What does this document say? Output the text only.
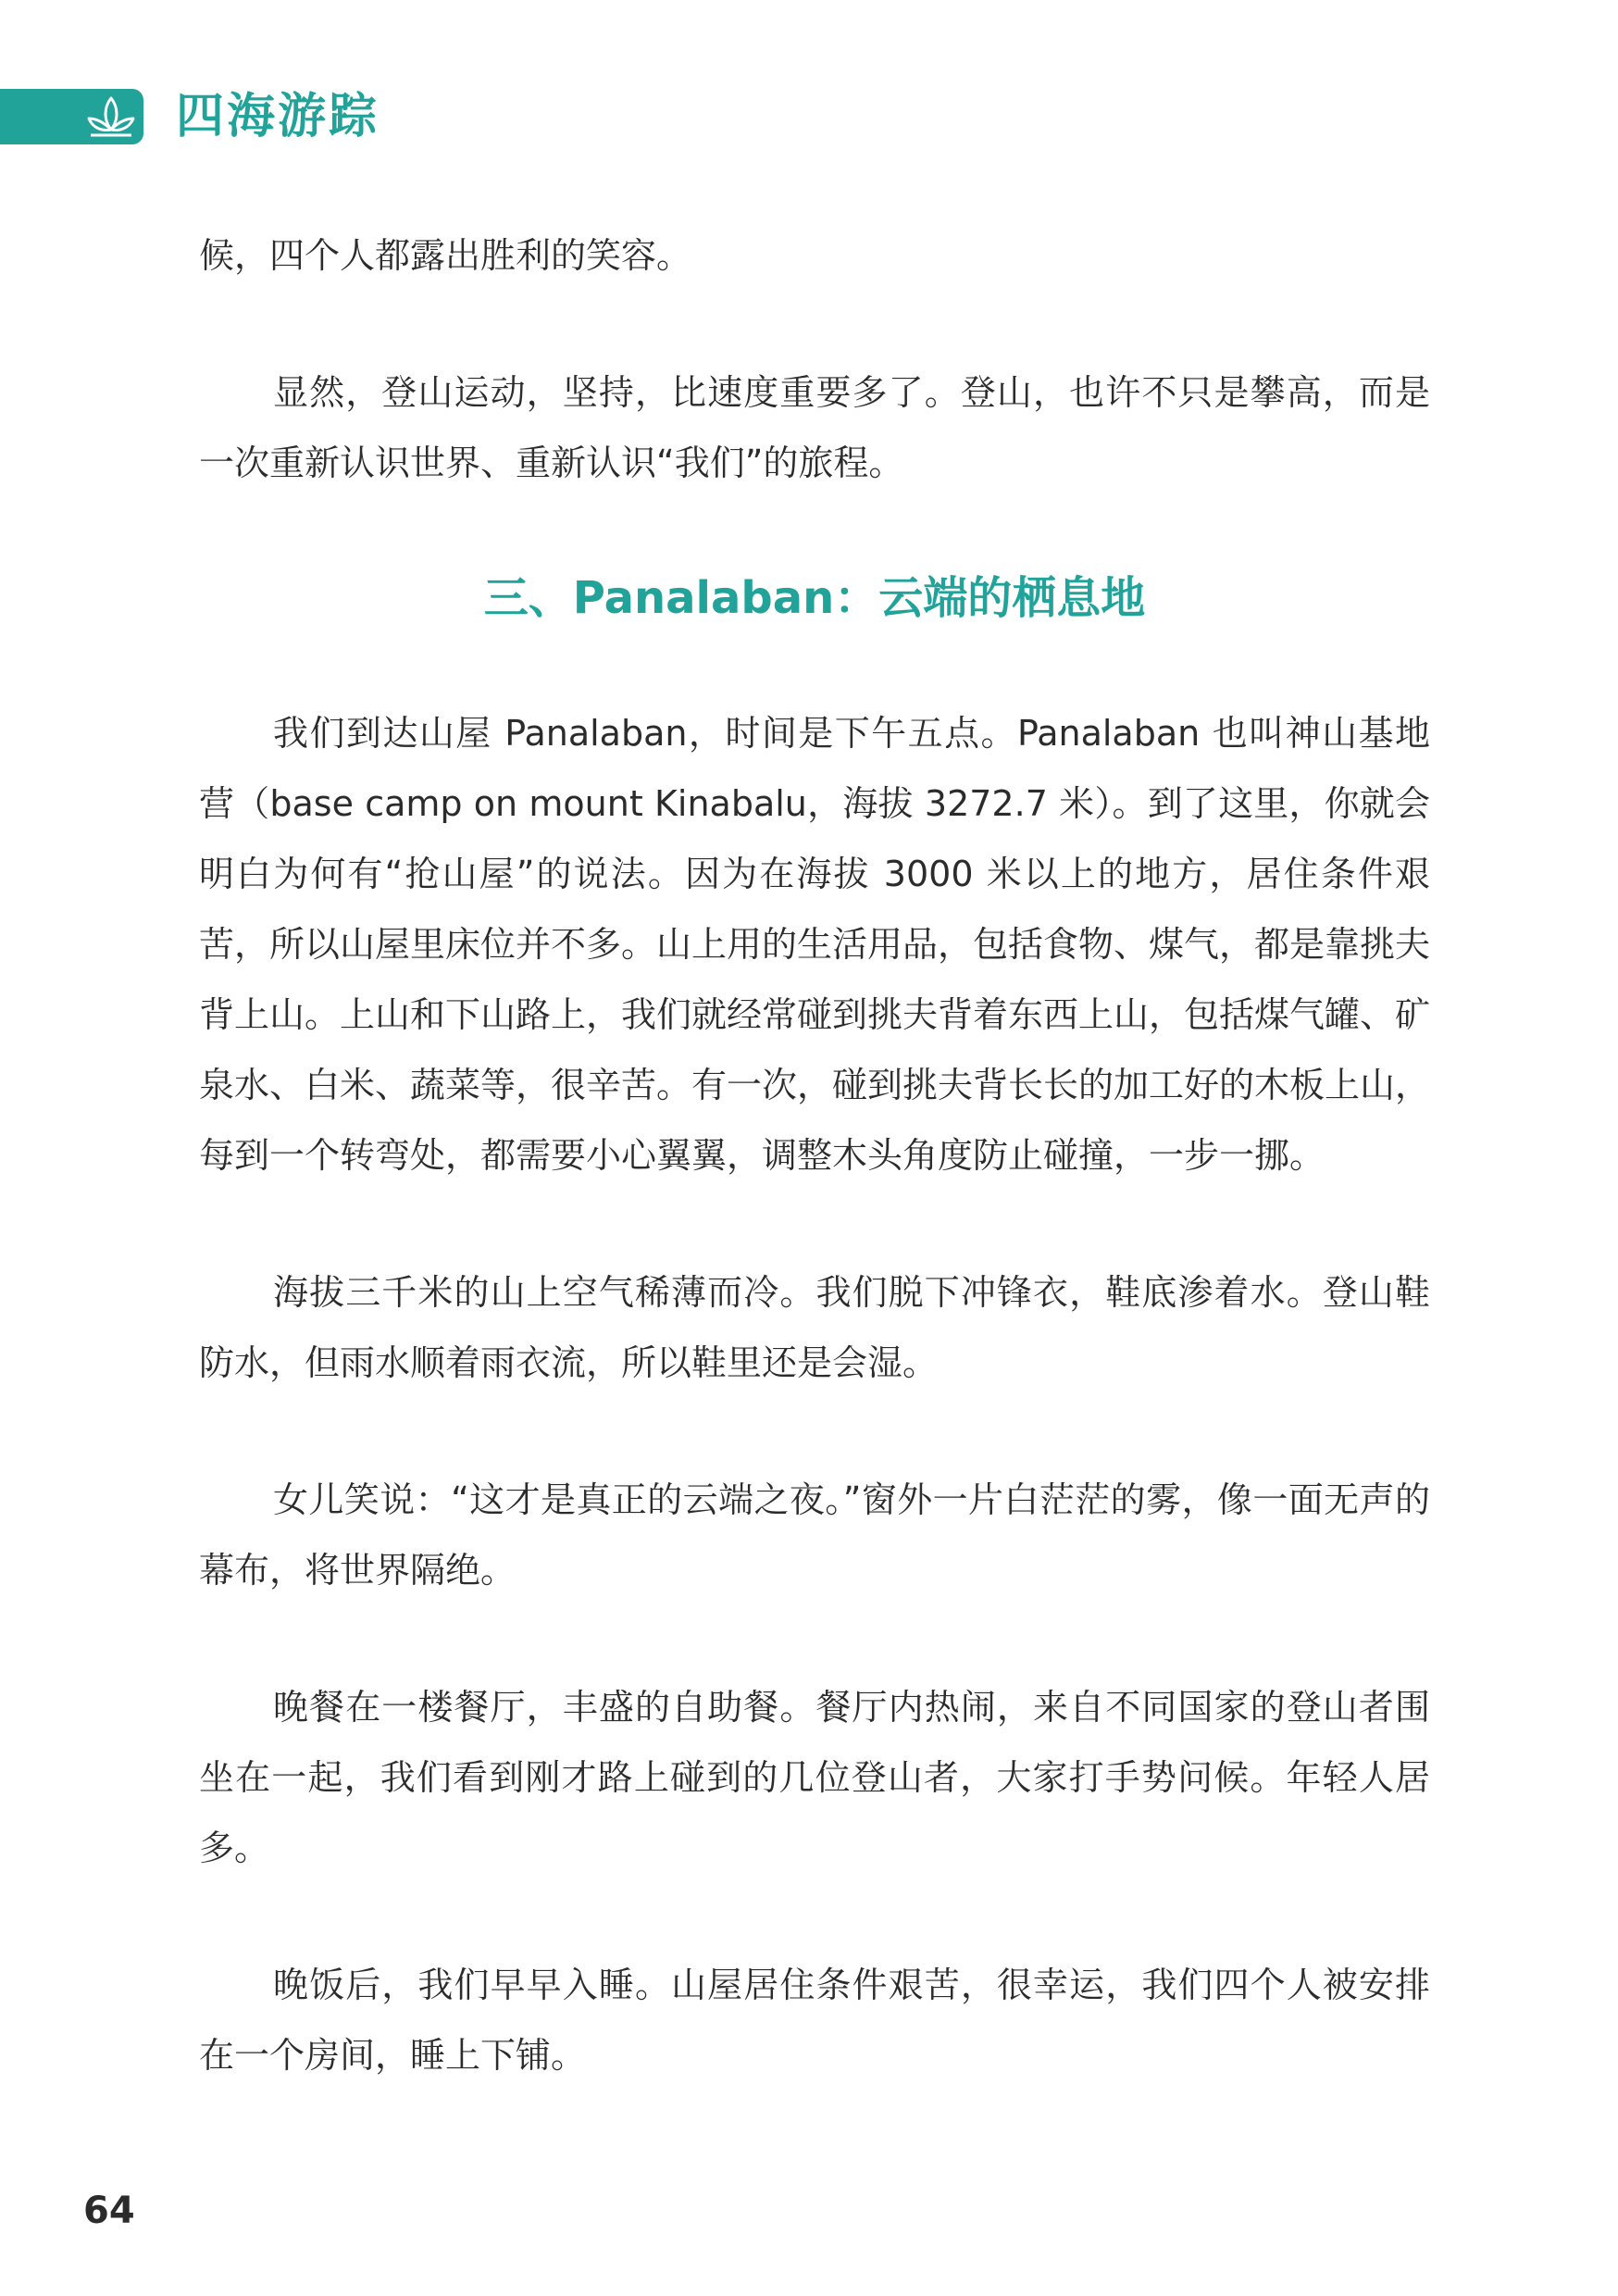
四海游踪

候，四个人都露出胜利的笑容。

显然，登山运动，坚持，比速度重要多了。登山，也许不只是攀高，而是一次重新认识世界、重新认识“我们”的旅程。

三、Panalaban：云端的栖息地

我们到达山屋 Panalaban，时间是下午五点。Panalaban 也叫神山基地营（base camp on mount Kinabalu，海拔 3272.7 米）。到了这里，你就会明白为何有“抢山屋”的说法。因为在海拔 3000 米以上的地方，居住条件艰苦，所以山屋里床位并不多。山上用的生活用品，包括食物、煤气，都是靠挑夫背上山。上山和下山路上，我们就经常碰到挑夫背着东西上山，包括煤气罐、矿泉水、白米、蔬菜等，很辛苦。有一次，碰到挑夫背长长的加工好的木板上山，每到一个转弯处，都需要小心翼翼，调整木头角度防止碰撞，一步一挪。

海拔三千米的山上空气稀薄而冷。我们脱下冲锋衣，鞋底渗着水。登山鞋防水，但雨水顺着雨衣流，所以鞋里还是会湿。

女儿笑说：“这才是真正的云端之夜。”窗外一片白茫茫的雾，像一面无声的幕布，将世界隔绝。

晚餐在一楼餐厅，丰盛的自助餐。餐厅内热闹，来自不同国家的登山者围坐在一起，我们看到刚才路上碰到的几位登山者，大家打手势问候。年轻人居多。

晚饭后，我们早早入睡。山屋居住条件艰苦，很幸运，我们四个人被安排在一个房间，睡上下铺。

64
